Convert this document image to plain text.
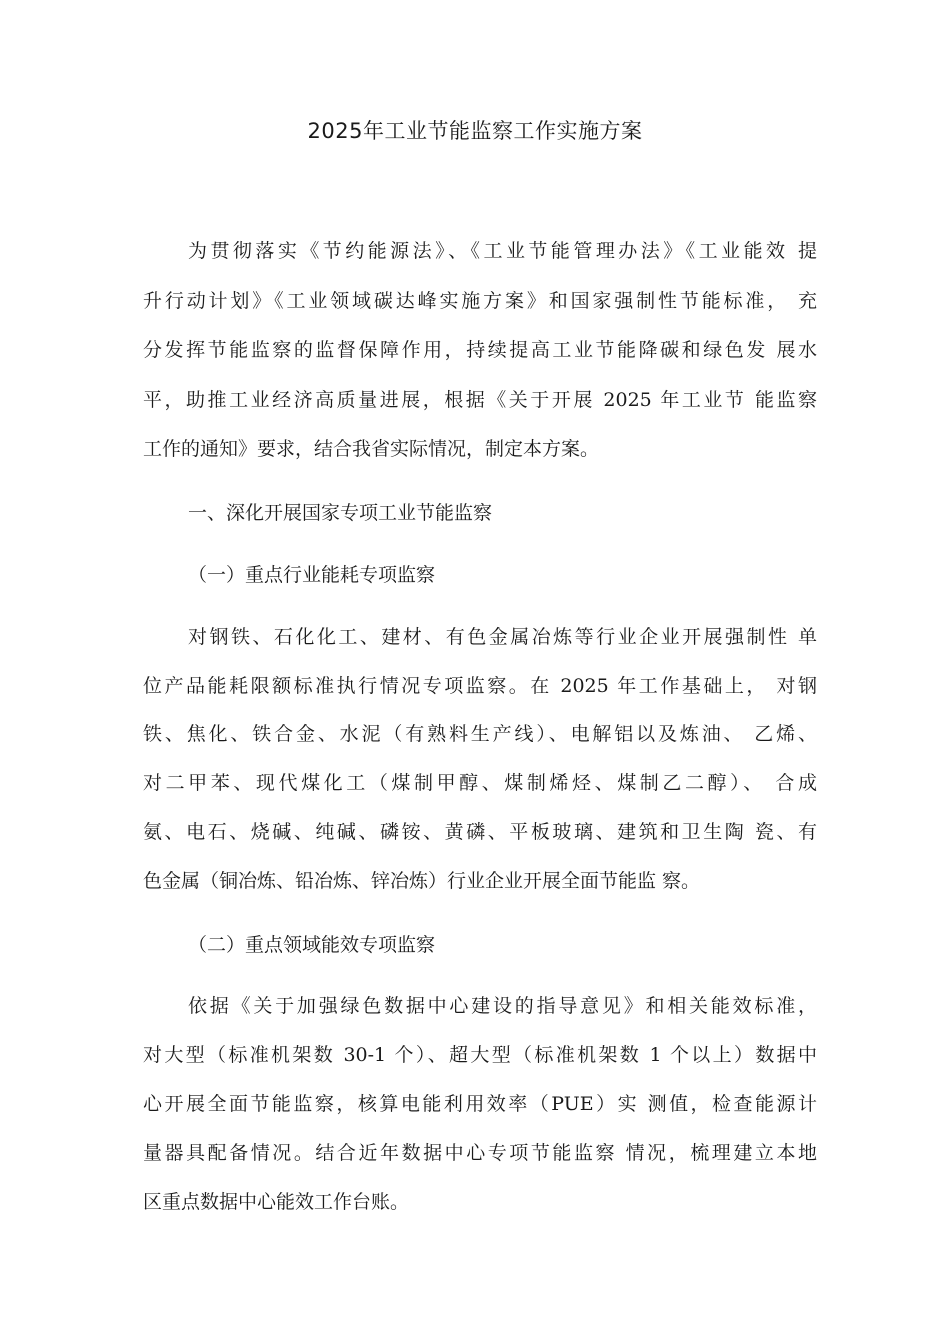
2025年工业节能监察工作实施方案
为贯彻落实《节约能源法》、《工业节能管理办法》《工业能效 提
升行动计划》《工业领域碳达峰实施方案》和国家强制性节能标准， 充
分发挥节能监察的监督保障作用，持续提高工业节能降碳和绿色发 展水
平，助推工业经济高质量进展，根据《关于开展 2025 年工业节 能监察
工作的通知》要求，结合我省实际情况，制定本方案。
一、深化开展国家专项工业节能监察
（一）重点行业能耗专项监察
对钢铁、石化化工、建材、有色金属冶炼等行业企业开展强制性 单
位产品能耗限额标准执行情况专项监察。在 2025 年工作基础上， 对钢
铁、焦化、铁合金、水泥（有熟料生产线）、电解铝以及炼油、 乙烯、
对二甲苯、现代煤化工（煤制甲醇、煤制烯烃、煤制乙二醇）、 合成
氨、电石、烧碱、纯碱、磷铵、黄磷、平板玻璃、建筑和卫生陶 瓷、有
色金属（铜冶炼、铅冶炼、锌冶炼）行业企业开展全面节能监 察。
（二）重点领域能效专项监察
依据《关于加强绿色数据中心建设的指导意见》和相关能效标准，
对大型（标准机架数 30-1 个）、超大型（标准机架数 1 个以上）数据中
心开展全面节能监察，核算电能利用效率（PUE）实 测值，检查能源计
量器具配备情况。结合近年数据中心专项节能监察 情况，梳理建立本地
区重点数据中心能效工作台账。
